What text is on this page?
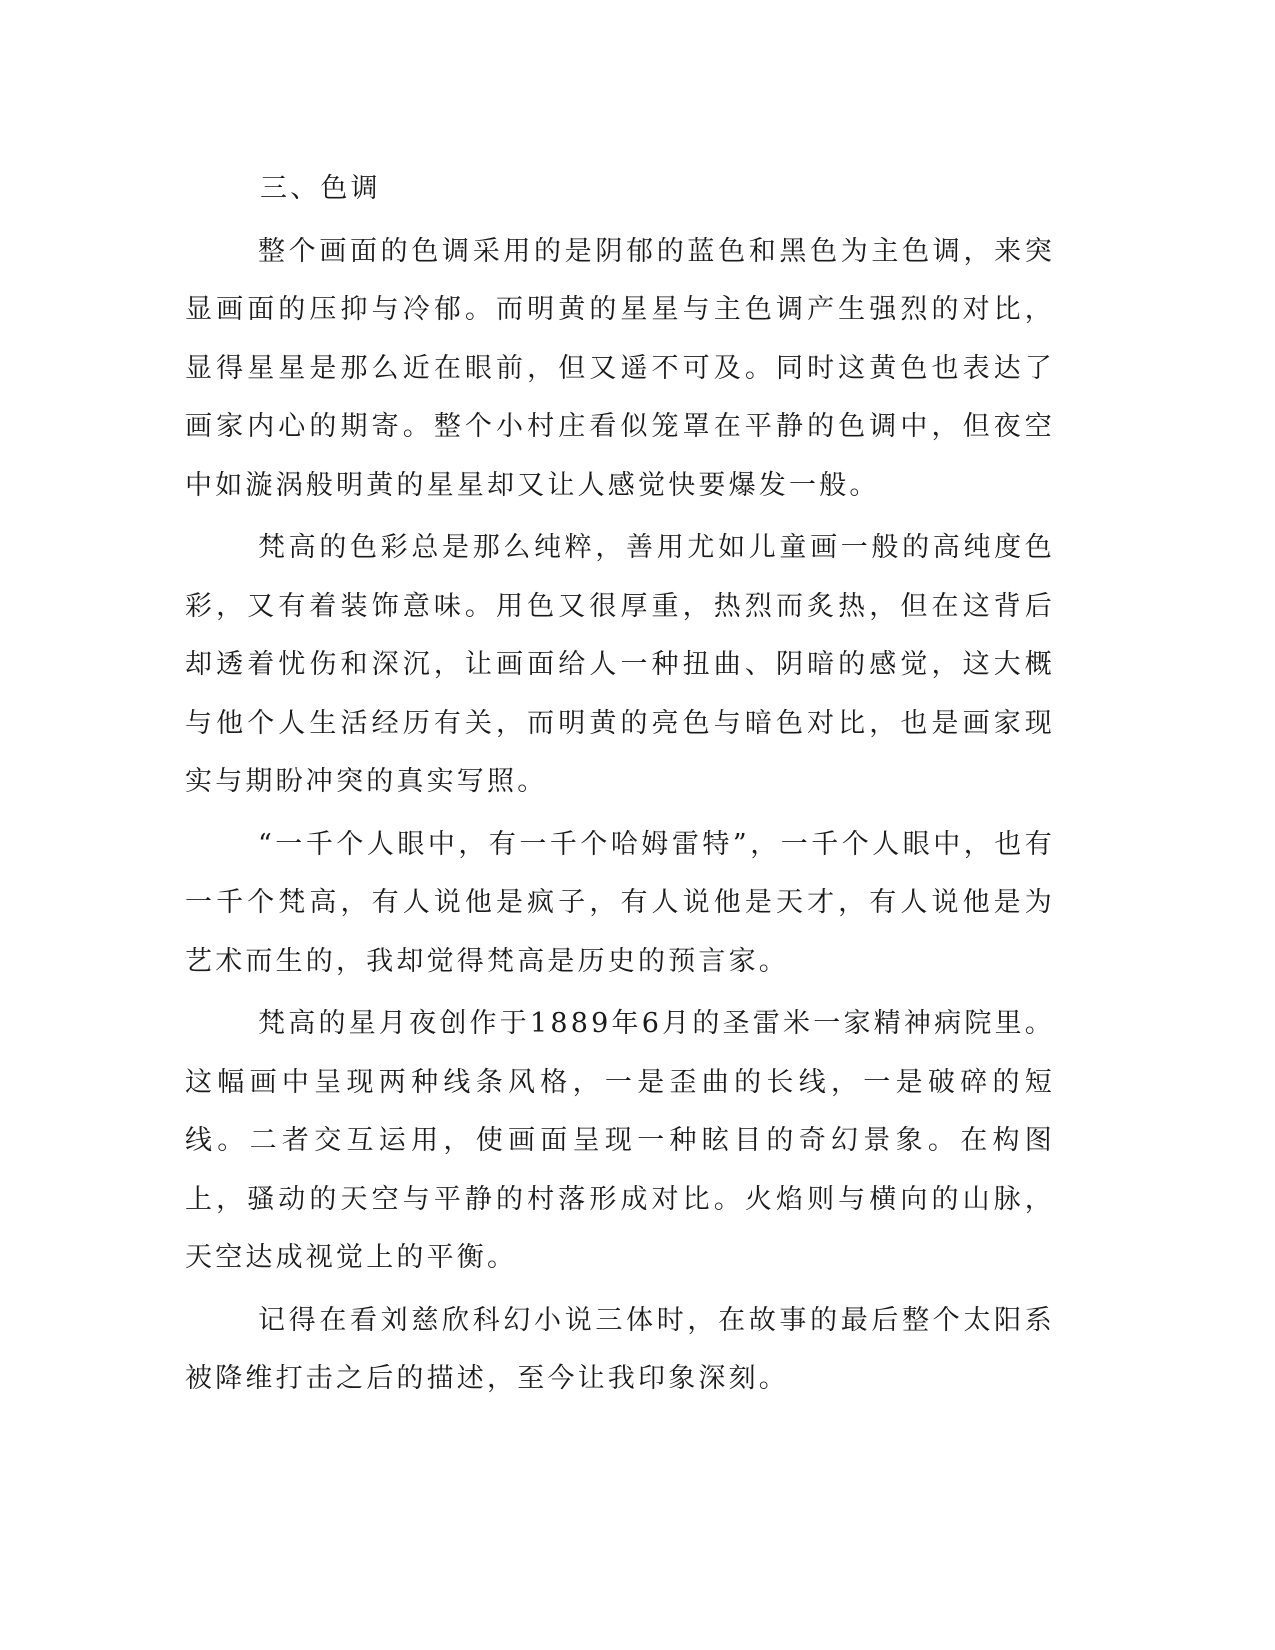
三、色调

整个画面的色调采用的是阴郁的蓝色和黑色为主色调，来突显画面的压抑与冷郁。而明黄的星星与主色调产生强烈的对比，显得星星是那么近在眼前，但又遥不可及。同时这黄色也表达了画家内心的期寄。整个小村庄看似笼罩在平静的色调中，但夜空中如漩涡般明黄的星星却又让人感觉快要爆发一般。

梵高的色彩总是那么纯粹，善用尤如儿童画一般的高纯度色彩，又有着装饰意味。用色又很厚重，热烈而炙热，但在这背后却透着忧伤和深沉，让画面给人一种扭曲、阴暗的感觉，这大概与他个人生活经历有关，而明黄的亮色与暗色对比，也是画家现实与期盼冲突的真实写照。

“一千个人眼中，有一千个哈姆雷特”，一千个人眼中，也有一千个梵高，有人说他是疯子，有人说他是天才，有人说他是为艺术而生的，我却觉得梵高是历史的预言家。

梵高的星月夜创作于1889年6月的圣雷米一家精神病院里。这幅画中呈现两种线条风格，一是歪曲的长线，一是破碎的短线。二者交互运用，使画面呈现一种眩目的奇幻景象。在构图上，骚动的天空与平静的村落形成对比。火焰则与横向的山脉，天空达成视觉上的平衡。

记得在看刘慈欣科幻小说三体时，在故事的最后整个太阳系被降维打击之后的描述，至今让我印象深刻。
